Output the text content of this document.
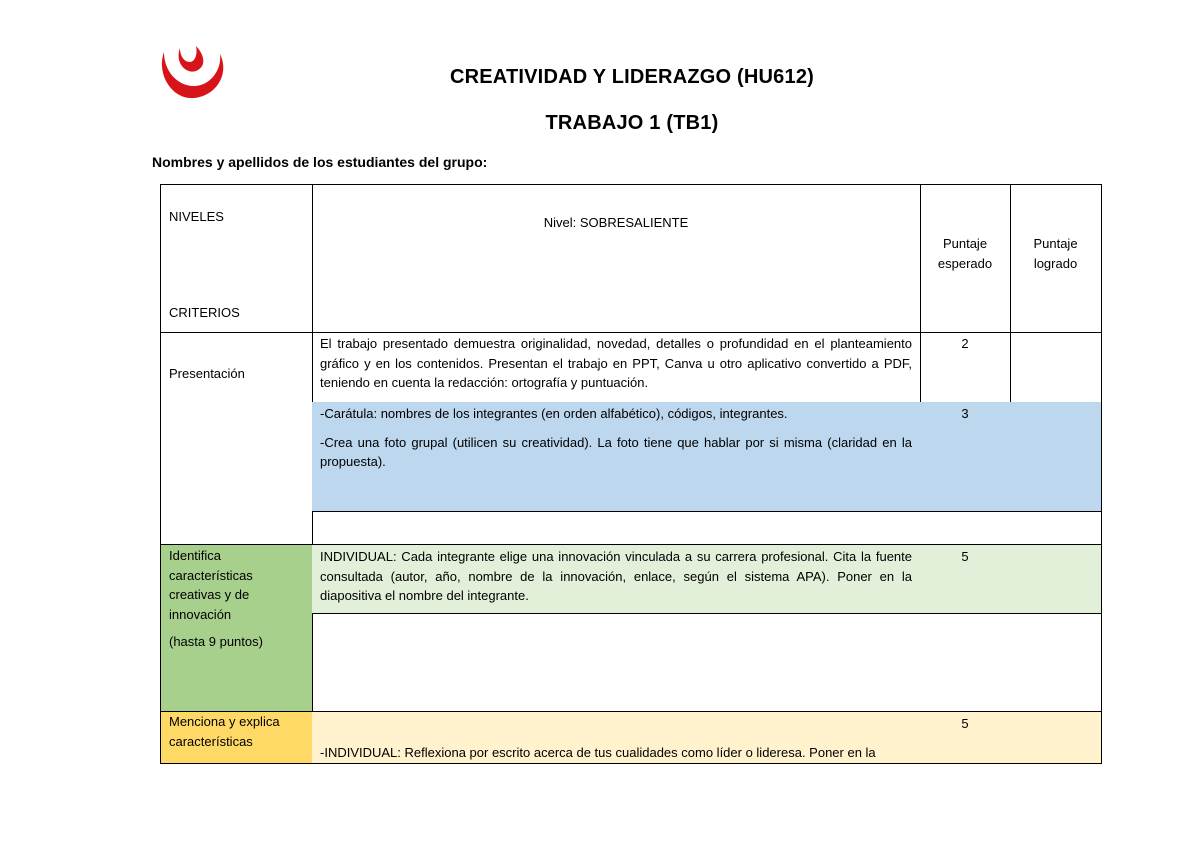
CREATIVIDAD Y LIDERAZGO (HU612)
TRABAJO 1 (TB1)
Nombres y apellidos de los estudiantes del grupo:
NIVELES
CRITERIOS
Nivel: SOBRESALIENTE
Puntaje esperado
Puntaje logrado
Presentación
El trabajo presentado demuestra originalidad, novedad, detalles o profundidad en el planteamiento gráfico y en los contenidos. Presentan el trabajo en PPT, Canva u otro aplicativo convertido a PDF, teniendo en cuenta la redacción: ortografía y puntuación.
2

-Carátula: nombres de los integrantes (en orden alfabético), códigos, integrantes.

-Crea una foto grupal (utilicen su creatividad). La foto tiene que hablar por si misma (claridad en la propuesta).

3

Identifica características creativas y de innovación

(hasta 9 puntos)

INDIVIDUAL: Cada integrante elige una innovación vinculada a su carrera profesional. Cita la fuente consultada (autor, año, nombre de la innovación, enlace, según el sistema APA). Poner en la diapositiva el nombre del integrante.
5
Menciona y explica características
-INDIVIDUAL: Reflexiona por escrito acerca de tus cualidades como líder o lideresa. Poner en la
5
